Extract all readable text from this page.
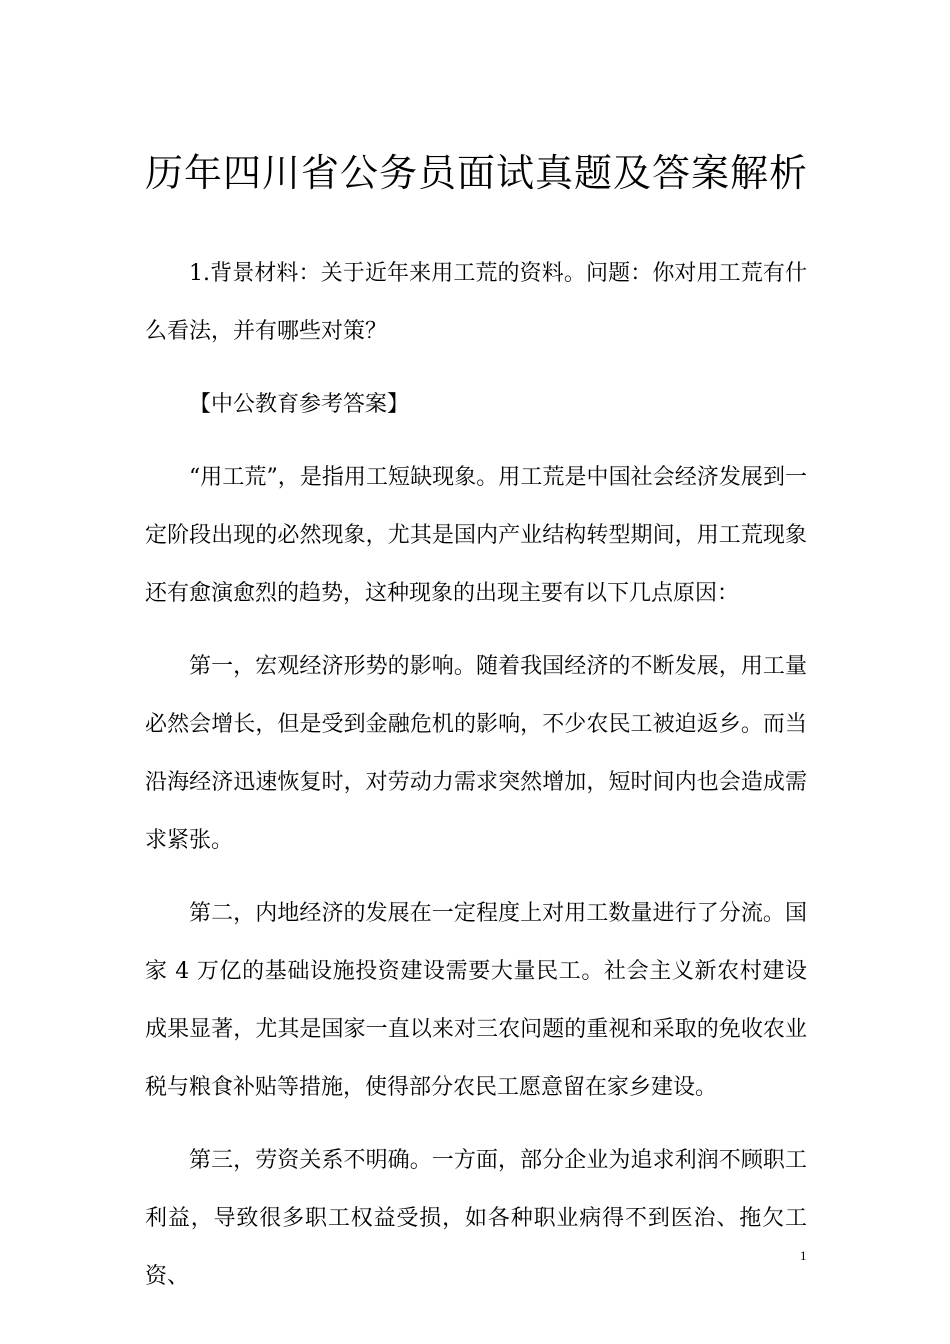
历年四川省公务员面试真题及答案解析

1.背景材料：关于近年来用工荒的资料。问题：你对用工荒有什么看法，并有哪些对策？

【中公教育参考答案】

“用工荒”，是指用工短缺现象。用工荒是中国社会经济发展到一定阶段出现的必然现象，尤其是国内产业结构转型期间，用工荒现象还有愈演愈烈的趋势，这种现象的出现主要有以下几点原因：

第一，宏观经济形势的影响。随着我国经济的不断发展，用工量必然会增长，但是受到金融危机的影响，不少农民工被迫返乡。而当沿海经济迅速恢复时，对劳动力需求突然增加，短时间内也会造成需求紧张。

第二，内地经济的发展在一定程度上对用工数量进行了分流。国家 4 万亿的基础设施投资建设需要大量民工。社会主义新农村建设成果显著，尤其是国家一直以来对三农问题的重视和采取的免收农业税与粮食补贴等措施，使得部分农民工愿意留在家乡建设。

第三，劳资关系不明确。一方面，部分企业为追求利润不顾职工利益，导致很多职工权益受损，如各种职业病得不到医治、拖欠工资、

1
